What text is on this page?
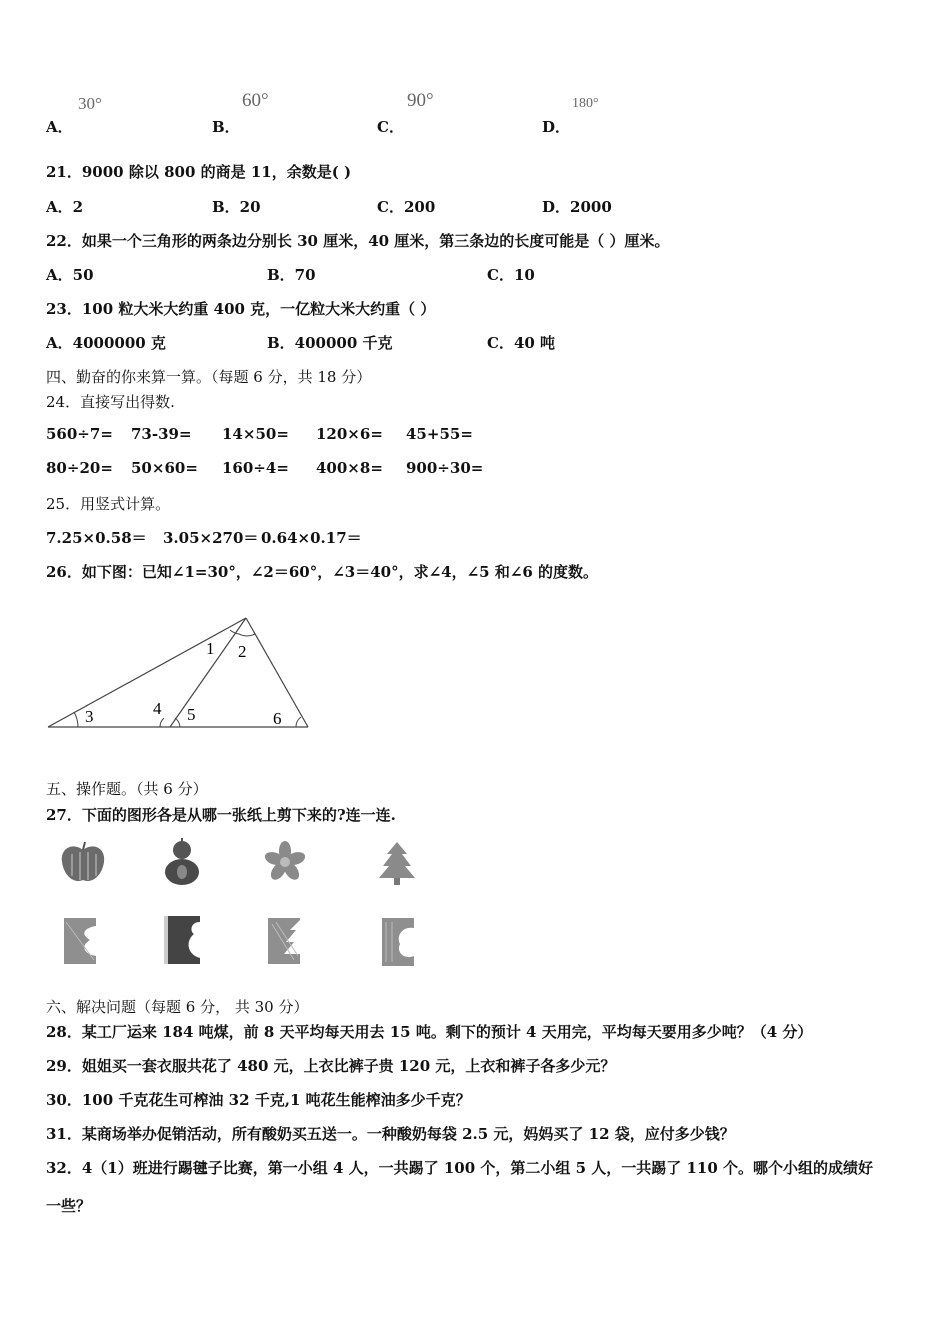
A．
30°
B．
60°
C．
90°
D．
180°
21．9000 除以 800 的商是 11，余数是( )
A．2	B．20	C．200	D．2000
22．如果一个三角形的两条边分别长 30 厘米，40 厘米，第三条边的长度可能是（ ）厘米。
A．50	B．70	C．10
23．100 粒大米大约重 400 克，一亿粒大米大约重（ ）
A．4000000 克	B．400000 千克	C．40 吨
四、勤奋的你来算一算。（每题 6 分，共 18 分）
24．直接写出得数.
560÷7= 73-39= 14×50= 120×6= 45+55=
80÷20= 50×60= 160÷4= 400×8= 900÷30=
25．用竖式计算。
7.25×0.58＝ 3.05×270＝ 0.64×0.17＝
26．如下图：已知∠1=30°，∠2＝60°，∠3＝40°，求∠4，∠5 和∠6 的度数。
1 2
3	4 5	6
五、操作题。（共 6 分）
27．下面的图形各是从哪一张纸上剪下来的?连一连.
六、解决问题（每题 6 分， 共 30 分）
28．某工厂运来 184 吨煤，前 8 天平均每天用去 15 吨。剩下的预计 4 天用完，平均每天要用多少吨？（4 分）
29．姐姐买一套衣服共花了 480 元，上衣比裤子贵 120 元，上衣和裤子各多少元？
30．100 千克花生可榨油 32 千克,1 吨花生能榨油多少千克？
31．某商场举办促销活动，所有酸奶买五送一。一种酸奶每袋 2.5 元，妈妈买了 12 袋，应付多少钱？
32．4（1）班进行踢毽子比赛，第一小组 4 人，一共踢了 100 个，第二小组 5 人，一共踢了 110 个。哪个小组的成绩好
一些？
